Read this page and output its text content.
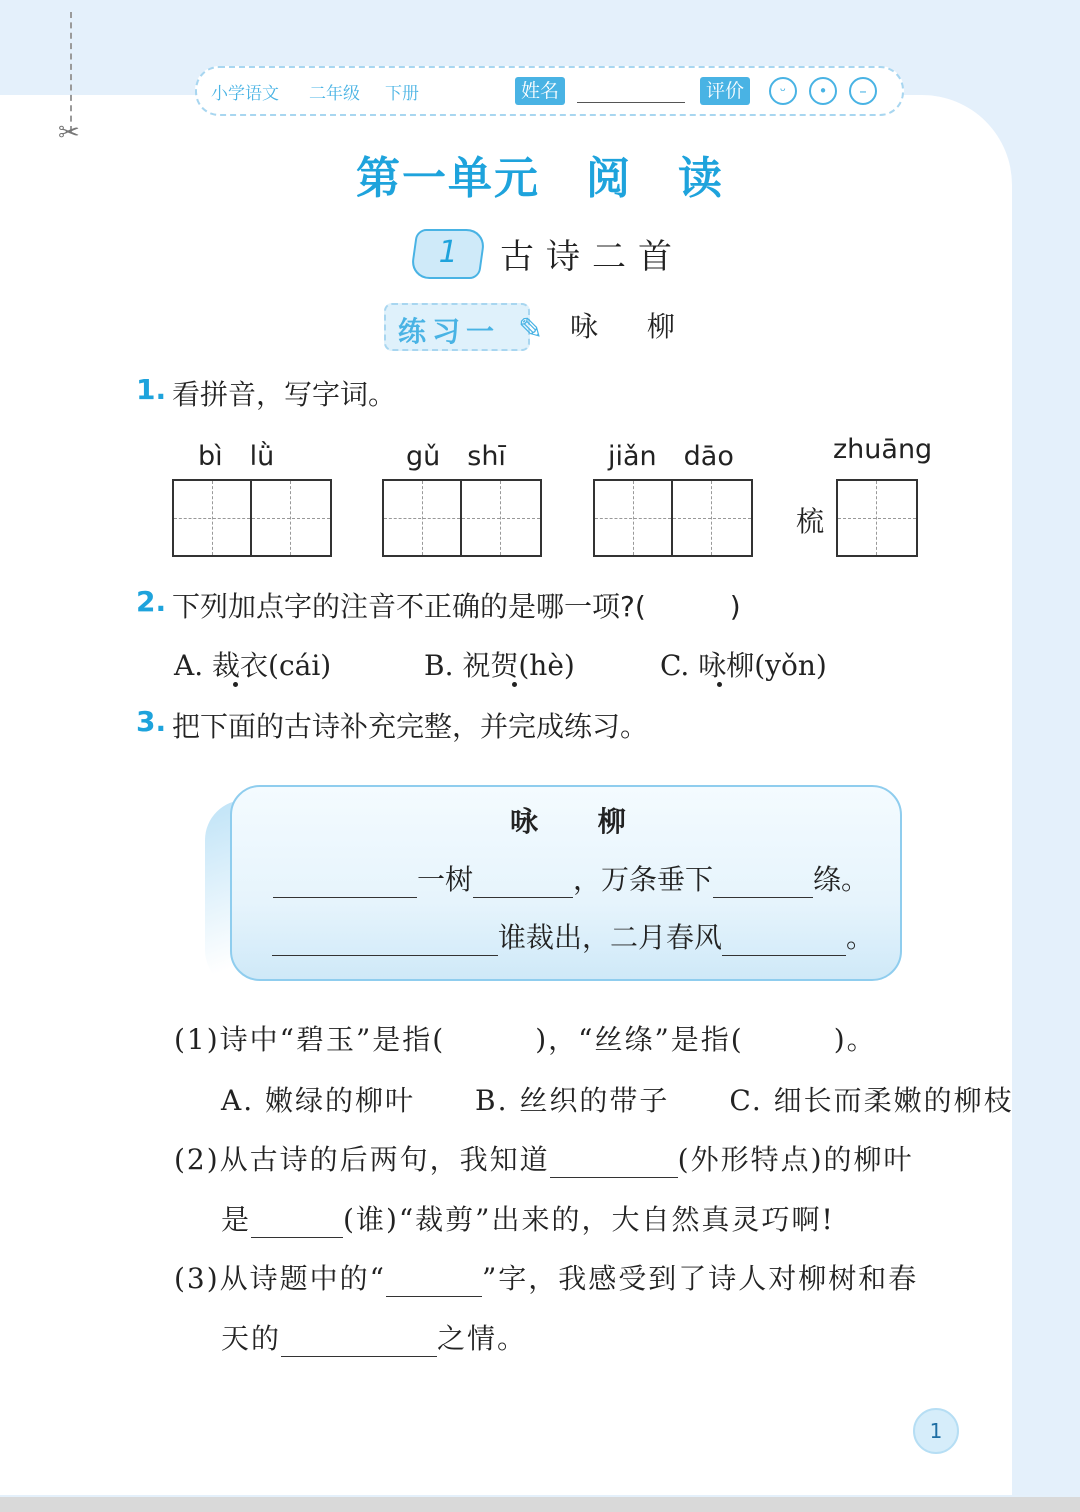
✂
小学语文 二年级 下册	姓名	评价	ᵕ	•	–
第一单元　阅　读
1	古诗二首
练习一 ✎ 咏 柳
1. 看拼音，写字词。
bì　lǜ	gǔ　shī	jiǎn　dāo	zhuāng
梳
2. 下列加点字的注音不正确的是哪一项?(　　　)
A. 裁衣(cái)	B. 祝贺(hè)	C. 咏柳(yǒn)
3. 把下面的古诗补充完整，并完成练习。
咏 柳
一树	，万条垂下	绦。
谁裁出，二月春风	。
(1)诗中“碧玉”是指(　　　)，“丝绦”是指(　　　)。
A. 嫩绿的柳叶　　B. 丝织的带子　　C. 细长而柔嫩的柳枝
(2)从古诗的后两句，我知道	(外形特点)的柳叶
是	(谁)“裁剪”出来的，大自然真灵巧啊!
(3)从诗题中的“	”字，我感受到了诗人对柳树和春
天的	之情。
1
